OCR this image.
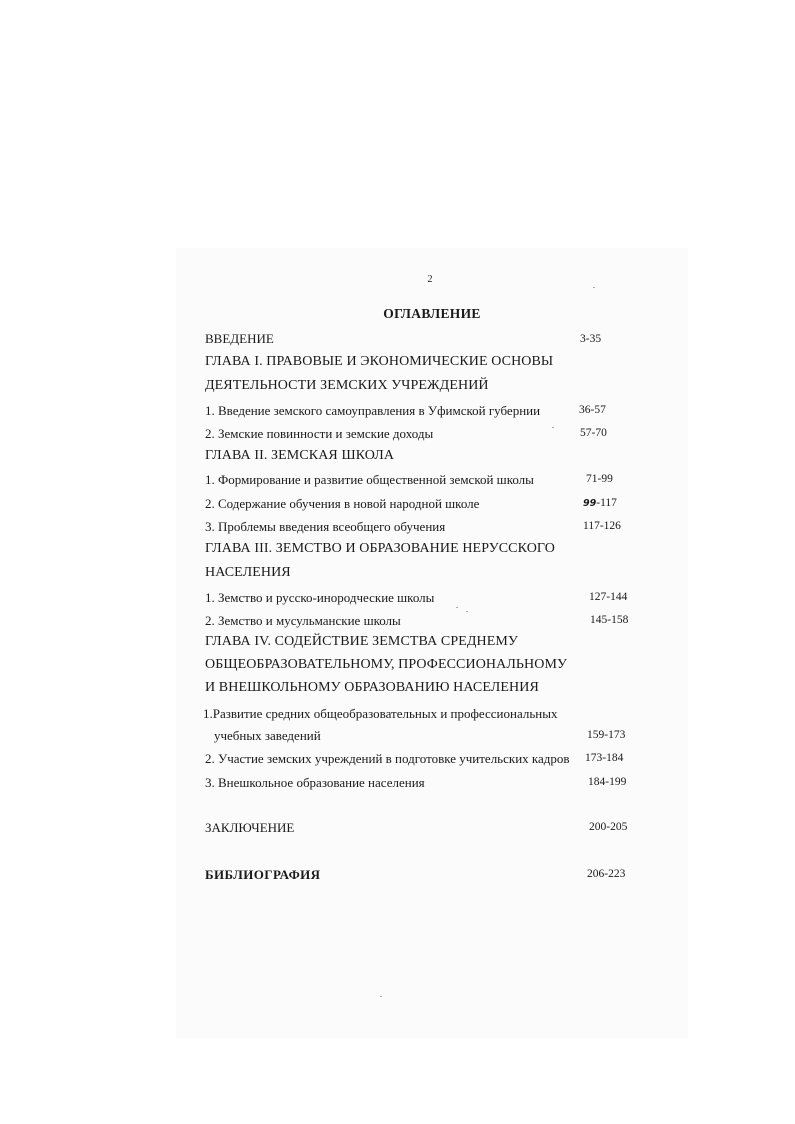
2
ОГЛАВЛЕНИЕ
ВВЕДЕНИЕ	3-35
ГЛАВА I. ПРАВОВЫЕ И ЭКОНОМИЧЕСКИЕ ОСНОВЫ
ДЕЯТЕЛЬНОСТИ ЗЕМСКИХ УЧРЕЖДЕНИЙ
1. Введение земского самоуправления в Уфимской губернии	36-57
2. Земские повинности и земские доходы	57-70
ГЛАВА II. ЗЕМСКАЯ ШКОЛА
1. Формирование и развитие общественной земской школы	71-99
2. Содержание обучения в новой народной школе	99-117
3. Проблемы введения всеобщего обучения	117-126
ГЛАВА III. ЗЕМСТВО И ОБРАЗОВАНИЕ НЕРУССКОГО
НАСЕЛЕНИЯ
1. Земство и русско-инородческие школы	127-144
2. Земство и мусульманские школы	145-158
ГЛАВА IV. СОДЕЙСТВИЕ ЗЕМСТВА СРЕДНЕМУ
ОБЩЕОБРАЗОВАТЕЛЬНОМУ, ПРОФЕССИОНАЛЬНОМУ
И ВНЕШКОЛЬНОМУ ОБРАЗОВАНИЮ НАСЕЛЕНИЯ
1.Развитие средних общеобразовательных и профессиональных
учебных заведений	159-173
2. Участие земских учреждений в подготовке учительских кадров 173-184
3. Внешкольное образование населения	184-199
ЗАКЛЮЧЕНИЕ	200-205
БИБЛИОГРАФИЯ	206-223
